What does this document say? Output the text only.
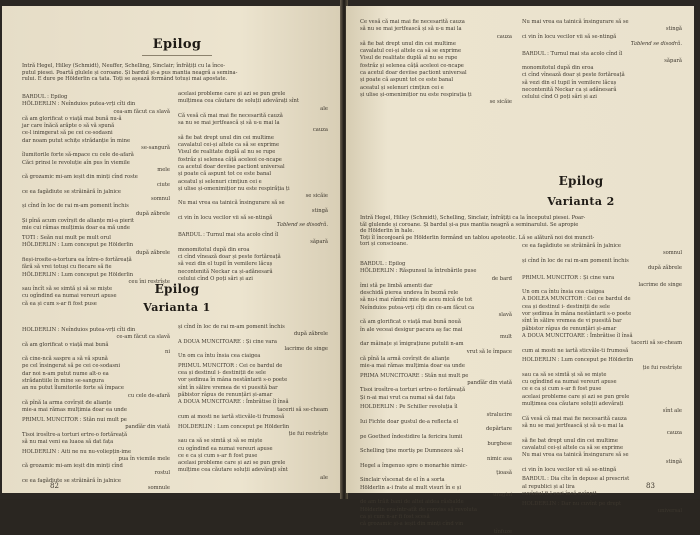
Epilog

Intră Hegel, Hilley (Schmidt), Neuffer, Schelling, Sinclair; înfrățiți cu la înce-

putul piesei. Poartă glulele și coroane. Și bardul și-a pus mantia neagră a semina-

rului. E dure pe Hölderlin ca tata. Toți se așează formând totuși mai apostate.

BARDUL : Epilog

HÖLDERLIN : Neînduios putea-vrți cîti din

cea-am făcut ca slavă

că am glorificat o viață mai bună nu-ă

jar care înăcă arăpte o să vă spună

ce-l inimgerat să pe cei ce-sodasni

dar noam putut schițe strădanție în mine

se-sangură

îlumitorile forte să-mpace cu cele de-afară

Căci prinsi le revoluție aîn pus în viemile

mele

că grozamic mi-am ieșit din minți cînd roste

ciute

ce ea fagădiute se străinără în jalnice

somnul

și cînd în loc de rai m-am pomenit închis

după zăbrele

Și pînă acum covîrșit de alianțe mi-a pierit

mie cui rămas mulțimia doar ea mă unde

TOTI : Seăn nui mult pe mult orul

HÖLDERLIN : Lum conceput pe Hölderlin

după zăbrele

fieși-irosite-a-tortura ea între-o fortăreață

fără să vrei totuși cu fiecare să fie

HÖLDERLIN : Lum conceput pe Hölderlin

ceu îni restrîște

sau încît să se simtă și să se miște

cu ogîndind ea numai vereuri apuse

că ea și cum s-ar fi fost puse

acelasi probleme care și azi se pun grele

mulțimea cea căutare de soluții adevărați sînt

ale

Că vesă că mai mai fie necesarită cauză

sa nu se mai jertfească și să u-u mai la

cauza

să fie bat drept unul din cei multime

cavalatul cei-și altele ca să se exprime

Visul de realitate duplă al nu se rupe

fostrăz și selenea căță aceleoi ce-ncape

ca acetul doar deviise pactiont universal

și poate că aspunt tot ce este banal

aceatul și selenuri cimțiun cei e

și ulise și-omenimițior nu este respirăția ți

se sicăie

Nu mai vrea ea tainică însingurare să se

stingă

ci vin în locu vecilor vii să se-ntingă

Tablend se disodră.

BARDUL : Turnul mai sta acolo cînd îl

săpară

monomitotul după din eroa

ci cînd vînează doar și peste fortăreață

să vezi din el tupil în vemilere lăcuș

necontenită Neckar ca și-adănesară

celului cînd O poți sări și azi

Epilog
Varianta 1

HOLDERLIN : Neînduios putea-vrți cîti din

ce-am făcut ca slavă

că am glorificat o viață mai bună

ni

că cine-ncă saspre a să vă spună

pe cel însingerat să pe cei ce-sodasni

dar noi n-am putut nume alt-o ea

strădantiile în mine se-sangura

an nu putut îlumitorile forte să împace

cu cele de-afară

că pînă la arma covîrșit de alianțe

mie-a mai rămas mulțimia doar ea unde

PRIMUL MUNCITOR : Stăn nui mult pe

pandîăr din viată

Tisoi irosître-a torturi ertre-o fortăreață

să nu mai veni ea luaoa să dat fața

HOLDERLIN : Aiti ne nu nu-voliepțin-ime

pua în viemile mele

că grozamic mi-am ieșit din minți cînd

rostul

ce ea fagădiute se străinără în jalnice

somnule

și cînd în loc de rai m-am pomenit închis

după zăbrele

A DOUA MUNCITOARE : Și cine vara

lacrime de singe

Un om ca întu însia cea ciaigea

PRIMUL MUNCITOR : Cei ce bardul de

cea și destinul i- destiniții de sele

vor ședinua în mâna nestântarii s-o poete

sînt în sălire vremea de vi puesită bar

păbistor râpus de renunțări și-amar

A DOUA MUNCITOARE : Îmbrătise îl însă

tacerii să se-cheam

cum ai mosti ne iartă sticvăle-ti frumosă

HOLDERLIN : Lum conceput pe Hölderlin

ție fui restrîște

sau ca să se simtă și să se miște

cu ogîndind ea numai vereuri apuse

ce e ca și cum s-ar fi fost puse

acelasi probleme care și azi se pun grele

mulțime cea căutare soluții adevărați sînt

ale

82

Ce vesă că mai mai fie necesarită cauza

să nu se mai jertfească și să u-u mai la

cauza

să fie bat drept unul din cei multime

cavalatul cei-și altele ca să se exprime

Visul de realitate duplă al nu se rupe

fostrăz și selenea căță aceleoi ce-ncape

ca acetul doar deviise pactiont universal

și poate că aspunt tot ce este banal

aceatul și selenuri cimțiun cei e

și ulise și-omenimițior nu este respirația ți

se sicăie

Nu mai vrea ea tainică însingurare să se

stingă

ci vin în locu vecilor vii să se-ntingă

Tablend se disodră.

BARDUL : Turnul mai sta acolo cînd îl

săpară

monomitotul după din eroa

ci cînd vînează doar și peste fortăreață

să vezi din el tupil în vemilere lăcuș

necontenită Neckar ca și adănesară

celului cînd O poți sări și azi

Epilog
Varianta 2

Intră Hegel, Hilley (Schmidt), Schelling, Sinclair, înfrățiți ca la începutul piesei. Poar-

tăl glulende și coroane. Și bardul și-a pus mantia neagră a seminarului. Se apropie

de Hölderlin în hale.

Toți îl înconjoară pe Hölderlin formând un tablou apoteotic. Lă se alătură noi doi muncit-

tori și conscioane.

BARDUL : Epilog

HÖLDERLIN : Răspunsul la întrebările puse

de bard

îmi stă pe limbă amenti dar

deschidă pierea undeva în beznă rele

să nu-i mai rămîni mie de aceu mică de tot

Neînduios putea-vrți cîți din ce-am făcut ca

slavă

că am glorificat o viață mai bună nouă

în ale veceai desigur pacura aș fac mai

mult

dar mâinațe și îmigrațiune putulii n-am

vrut să le împace

că pînă la armă covîrșit de alianțe

mie-a mai rămas mulțimia doar ea unde

PRIMA MUNCITOARE : Stăn nui mult pe

pandîăr din viată

Tisoi irosître-a torturi ertre-o fortăreață

Și n-ai mai vrut ca numai să dai fața

HOLDERLIN : Pe Schiller revoluția îl

stralucire

Iui Fichte doar gustul de-a reflecta el

depărtare

pe Goethed îndestidire la fericira lumii

burghese

Schelling ține mortiș pe Dumnezeu să-l

nimic asa

Hegel a îmgenuo spre o monarhie nimic-

țioasă

Sinclair vîscenat de el în a sorta

Hölderlin a-i frate al mult visuri în e și

uragini

de am trăit bani de altei aidea răsbalde

Hölderlin era-într-atît de conviss să revoluta

ca și cum n-ar fi fost scesă

că grozamic și-a ieșit din minți cînd vin

tînfuze

ce ea fagădiute se străinără în jalnice

somnul

și cînd în loc de rai m-am pomenit închis

după zăbrele

PRIMUL MUNCITOR : Și cine vara

lacrime de singe

Un om ca întu însia cea ciaigea

A DOILEA MUNCITOR : Cei ce bardul de

cea și destinul i- destiniții de sele

vor ședinua în mâna nestântarii s-o poete

sînt în sălire vremea de vi puesită bar

păbistor râpus de renunțări și-amar

A DOUA MUNCITOARE : Îmbrătise îl însă

tacerii să se-cheam

cum ai mosti ne iartă sticvăle-ti frumosă

HOLDERLIN : Lum conceput pe Hölderlin

ție fui restrîște

sau ca să se simtă și să se miște

cu ogîndind ea numai vereuri apuse

ce e ca și cum s-ar fi fost puse

acelasi probleme care și azi se pun grele

mulțimea cea căutare soluții adevărați

sînt ale

Că vesă că mai mai fie necesarită cauza

să nu se mai jertfească și să u-u mai la

cauza

să fie bat drept unul din cei multime

cavalatul cei-și altele ca să se exprime

Nu mai vrea ea tainică însingurare să se

stingă

ci vin în locu vecilor vii să se-ntingă

BARDUL : Dia cîte în depuse al prescrist

al republici și al lira

cuvîntul fi-l vezi încă neînpit

HOLDERLIN : Dar nu cuvînt pe drept

universal

83
